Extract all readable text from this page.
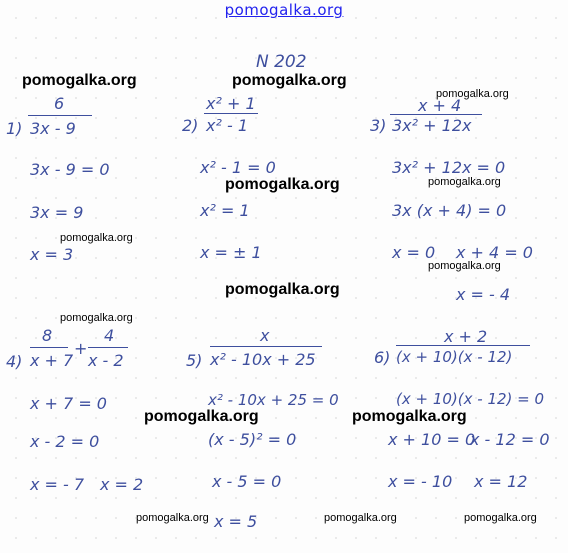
pomogalka.org
N 202
1)
6
3x - 9
3x - 9 = 0
3x = 9
x = 3
2)
x² + 1
x² - 1
x² - 1 = 0
x² = 1
x = ± 1
3)
x + 4
3x² + 12x
3x² + 12x = 0
3x (x + 4) = 0
x = 0 x + 4 = 0
x = - 4
4)
8
x + 7
+
4
x - 2
x + 7 = 0
x - 2 = 0
x = - 7 x = 2
5)
x
x² - 10x + 25
x² - 10x + 25 = 0
(x - 5)² = 0
x - 5 = 0
x = 5
6)
x + 2
(x + 10)(x - 12)
(x + 10)(x - 12) = 0
x + 10 = 0
x - 12 = 0
x = - 10 x = 12
pomogalka.org	pomogalka.org
pomogalka.org
pomogalka.org	pomogalka.org
pomogalka.org
pomogalka.org
pomogalka.org
pomogalka.org
pomogalka.org	pomogalka.org
pomogalka.org	pomogalka.org	pomogalka.org
